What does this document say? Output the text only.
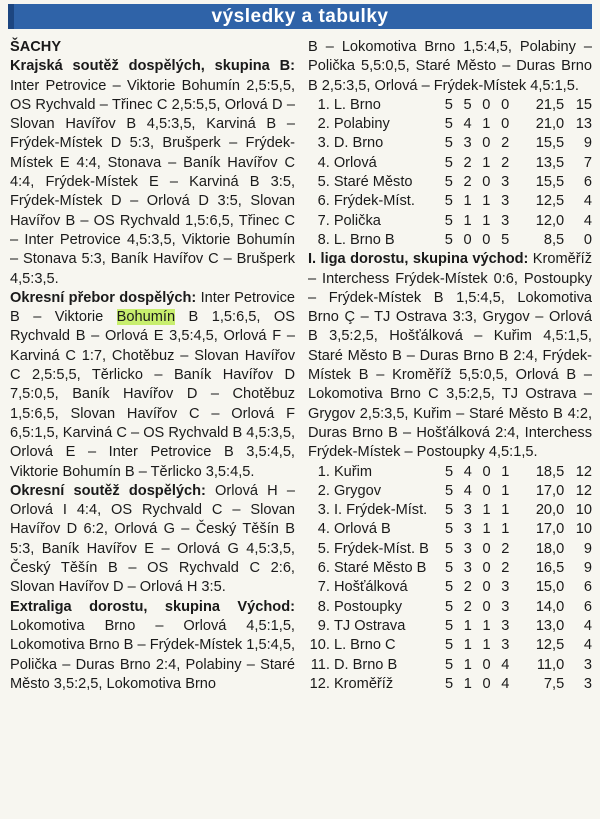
výsledky a tabulky
ŠACHY

Krajská soutěž dospělých, skupina B: Inter Petrovice – Viktorie Bohumín 2,5:5,5, OS Rychvald – Třinec C 2,5:5,5, Orlová D – Slovan Havířov B 4,5:3,5, Karviná B – Frýdek-Místek D 5:3, Brušperk – Frýdek-Místek E 4:4, Stonava – Baník Havířov C 4:4, Frýdek-Místek E – Karviná B 3:5, Frýdek-Místek D – Orlová D 3:5, Slovan Havířov B – OS Rychvald 1,5:6,5, Třinec C – Inter Petrovice 4,5:3,5, Viktorie Bohumín – Stonava 5:3, Baník Havířov C – Brušperk 4,5:3,5.

Okresní přebor dospělých: Inter Petrovice B – Viktorie Bohumín B 1,5:6,5, OS Rychvald B – Orlová E 3,5:4,5, Orlová F – Karviná C 1:7, Chotěbuz – Slovan Havířov C 2,5:5,5, Těrlicko – Baník Havířov D 7,5:0,5, Baník Havířov D – Chotěbuz 1,5:6,5, Slovan Havířov C – Orlová F 6,5:1,5, Karviná C – OS Rychvald B 4,5:3,5, Orlová E – Inter Petrovice B 3,5:4,5, Viktorie Bohumín B – Těrlicko 3,5:4,5.

Okresní soutěž dospělých: Orlová H – Orlová I 4:4, OS Rychvald C – Slovan Havířov D 6:2, Orlová G – Český Těšín B 5:3, Baník Havířov E – Orlová G 4,5:3,5, Český Těšín B – OS Rychvald C 2:6, Slovan Havířov D – Orlová H 3:5.

Extraliga dorostu, skupina Východ: Lokomotiva Brno – Orlová 4,5:1,5, Lokomotiva Brno B – Frýdek-Místek 1,5:4,5, Polička – Duras Brno 2:4, Polabiny – Staré Město 3,5:2,5, Lokomotiva Brno

B – Lokomotiva Brno 1,5:4,5, Polabiny – Polička 5,5:0,5, Staré Město – Duras Brno B 2,5:3,5, Orlová – Frýdek-Místek 4,5:1,5.

1.	L. Brno	5	5	0	0	21,5	15
2.	Polabiny	5	4	1	0	21,0	13
3.	D. Brno	5	3	0	2	15,5	9
4.	Orlová	5	2	1	2	13,5	7
5.	Staré Město	5	2	0	3	15,5	6
6.	Frýdek-Míst.	5	1	1	3	12,5	4
7.	Polička	5	1	1	3	12,0	4
8.	L. Brno B	5	0	0	5	8,5	0

I. liga dorostu, skupina východ: Kroměříž – Interchess Frýdek-Místek 0:6, Postoupky – Frýdek-Místek B 1,5:4,5, Lokomotiva Brno Ç – TJ Ostrava 3:3, Grygov – Orlová B 3,5:2,5, Hošťálková – Kuřim 4,5:1,5, Staré Město B – Duras Brno B 2:4, Frýdek-Místek B – Kroměříž 5,5:0,5, Orlová B – Lokomotiva Brno C 3,5:2,5, TJ Ostrava – Grygov 2,5:3,5, Kuřim – Staré Město B 4:2, Duras Brno B – Hošťálková 2:4, Interchess Frýdek-Místek – Postoupky 4,5:1,5.

1.	Kuřim	5	4	0	1	18,5	12
2.	Grygov	5	4	0	1	17,0	12
3.	I. Frýdek-Míst.	5	3	1	1	20,0	10
4.	Orlová B	5	3	1	1	17,0	10
5.	Frýdek-Míst. B	5	3	0	2	18,0	9
6.	Staré Město B	5	3	0	2	16,5	9
7.	Hošťálková	5	2	0	3	15,0	6
8.	Postoupky	5	2	0	3	14,0	6
9.	TJ Ostrava	5	1	1	3	13,0	4
10.	L. Brno C	5	1	1	3	12,5	4
11.	D. Brno B	5	1	0	4	11,0	3
12.	Kroměříž	5	1	0	4	7,5	3
